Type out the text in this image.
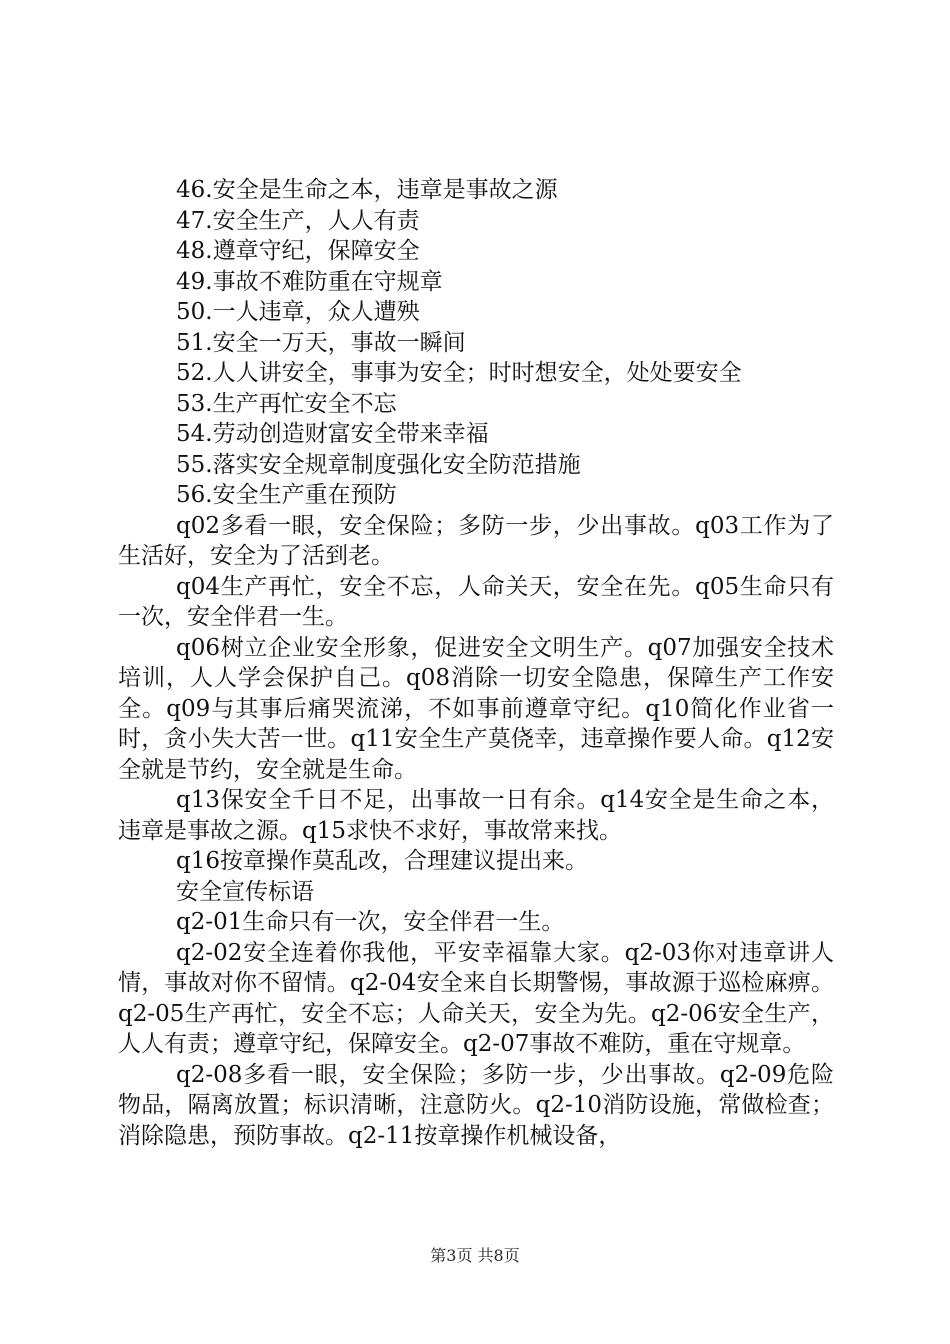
46.安全是生命之本，违章是事故之源

47.安全生产，人人有责

48.遵章守纪，保障安全

49.事故不难防重在守规章

50.一人违章，众人遭殃

51.安全一万天，事故一瞬间

52.人人讲安全，事事为安全；时时想安全，处处要安全

53.生产再忙安全不忘

54.劳动创造财富安全带来幸福

55.落实安全规章制度强化安全防范措施

56.安全生产重在预防

q02多看一眼，安全保险；多防一步，少出事故。q03工作为了生活好，安全为了活到老。

q04生产再忙，安全不忘，人命关天，安全在先。q05生命只有一次，安全伴君一生。

q06树立企业安全形象，促进安全文明生产。q07加强安全技术培训，人人学会保护自己。q08消除一切安全隐患，保障生产工作安全。q09与其事后痛哭流涕，不如事前遵章守纪。q10简化作业省一时，贪小失大苦一世。q11安全生产莫侥幸，违章操作要人命。q12安全就是节约，安全就是生命。

q13保安全千日不足，出事故一日有余。q14安全是生命之本，违章是事故之源。q15求快不求好，事故常来找。

q16按章操作莫乱改，合理建议提出来。

安全宣传标语

q2-01生命只有一次，安全伴君一生。

q2-02安全连着你我他，平安幸福靠大家。q2-03你对违章讲人情，事故对你不留情。q2-04安全来自长期警惕，事故源于巡检麻痹。q2-05生产再忙，安全不忘；人命关天，安全为先。q2-06安全生产，人人有责；遵章守纪，保障安全。q2-07事故不难防，重在守规章。

q2-08多看一眼，安全保险；多防一步，少出事故。q2-09危险物品，隔离放置；标识清晰，注意防火。q2-10消防设施，常做检查；消除隐患，预防事故。q2-11按章操作机械设备，

第3页 共8页
